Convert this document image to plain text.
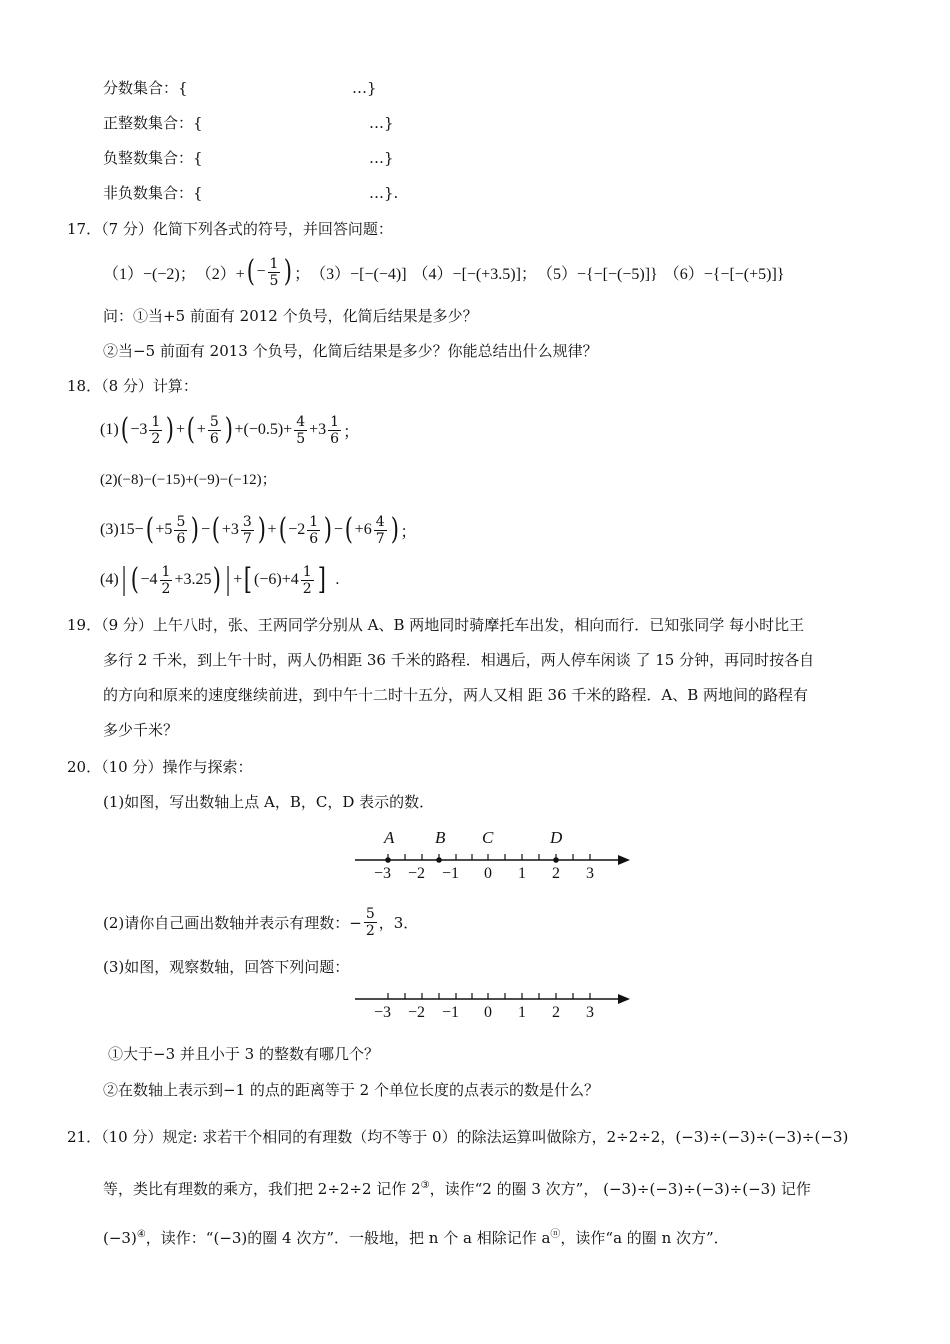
分数集合：{	…}
正整数集合：{	…}
负整数集合：{	…}
非负数集合：{	…}.
17．（7 分）化简下列各式的符号，并回答问题：
（1）−(−2)； （2）+ ( − $\frac{1}{5}$ ) ； （3）−[−(−4)] （4）−[−(+3.5)]； （5）−{−[−(−5)]} （6）−{−[−(+5)]}
问：①当+5 前面有 2012 个负号，化简后结果是多少？
②当−5 前面有 2013 个负号，化简后结果是多少？你能总结出什么规律？
18．（8 分）计算：
(1) ( $-3 \frac{1}{2}$ ) + ( + $\frac{5}{6}$ ) $+(-0.5)+ \frac{4}{5} +3 \frac{1}{6}$ ；
(2)(−8)−(−15)+(−9)−(−12)；
(3)15− ( $+5 \frac{5}{6}$ ) − ( $+3 \frac{3}{7}$ ) + ( $-2 \frac{1}{6}$ ) − ( $+6 \frac{4}{7}$ ) ；
(4) | ( $-4 \frac{1}{2} +3.25$ ) | + [ $(-6)+4 \frac{1}{2}$ ] .
19．（9 分）上午八时，张、王两同学分别从 A、B 两地同时骑摩托车出发，相向而行．已知张同学 每小时比王
多行 2 千米，到上午十时，两人仍相距 36 千米的路程．相遇后，两人停车闲谈 了 15 分钟，再同时按各自
的方向和原来的速度继续前进，到中午十二时十五分，两人又相 距 36 千米的路程．A、B 两地间的路程有
多少千米？
20．（10 分）操作与探索：
(1)如图，写出数轴上点 A，B，C，D 表示的数．
A B C	D
−3 −2 −1 0 1 2 3
(2)请你自己画出数轴并表示有理数：− $\frac{5}{2}$ ，3．
(3)如图，观察数轴，回答下列问题：
−3 −2 −1 0 1 2 3
①大于−3 并且小于 3 的整数有哪几个？
②在数轴上表示到−1 的点的距离等于 2 个单位长度的点表示的数是什么？
21．（10 分）规定: 求若干个相同的有理数（均不等于 0）的除法运算叫做除方，2÷2÷2，(−3)÷(−3)÷(−3)÷(−3)
等，类比有理数的乘方，我们把 2÷2÷2 记作 2③，读作“2 的圈 3 次方”， (−3)÷(−3)÷(−3)÷(−3) 记作
(−3)④，读作：“(−3)的圈 4 次方”．一般地，把 n 个 a 相除记作 aⓝ，读作“a 的圈 n 次方”．
